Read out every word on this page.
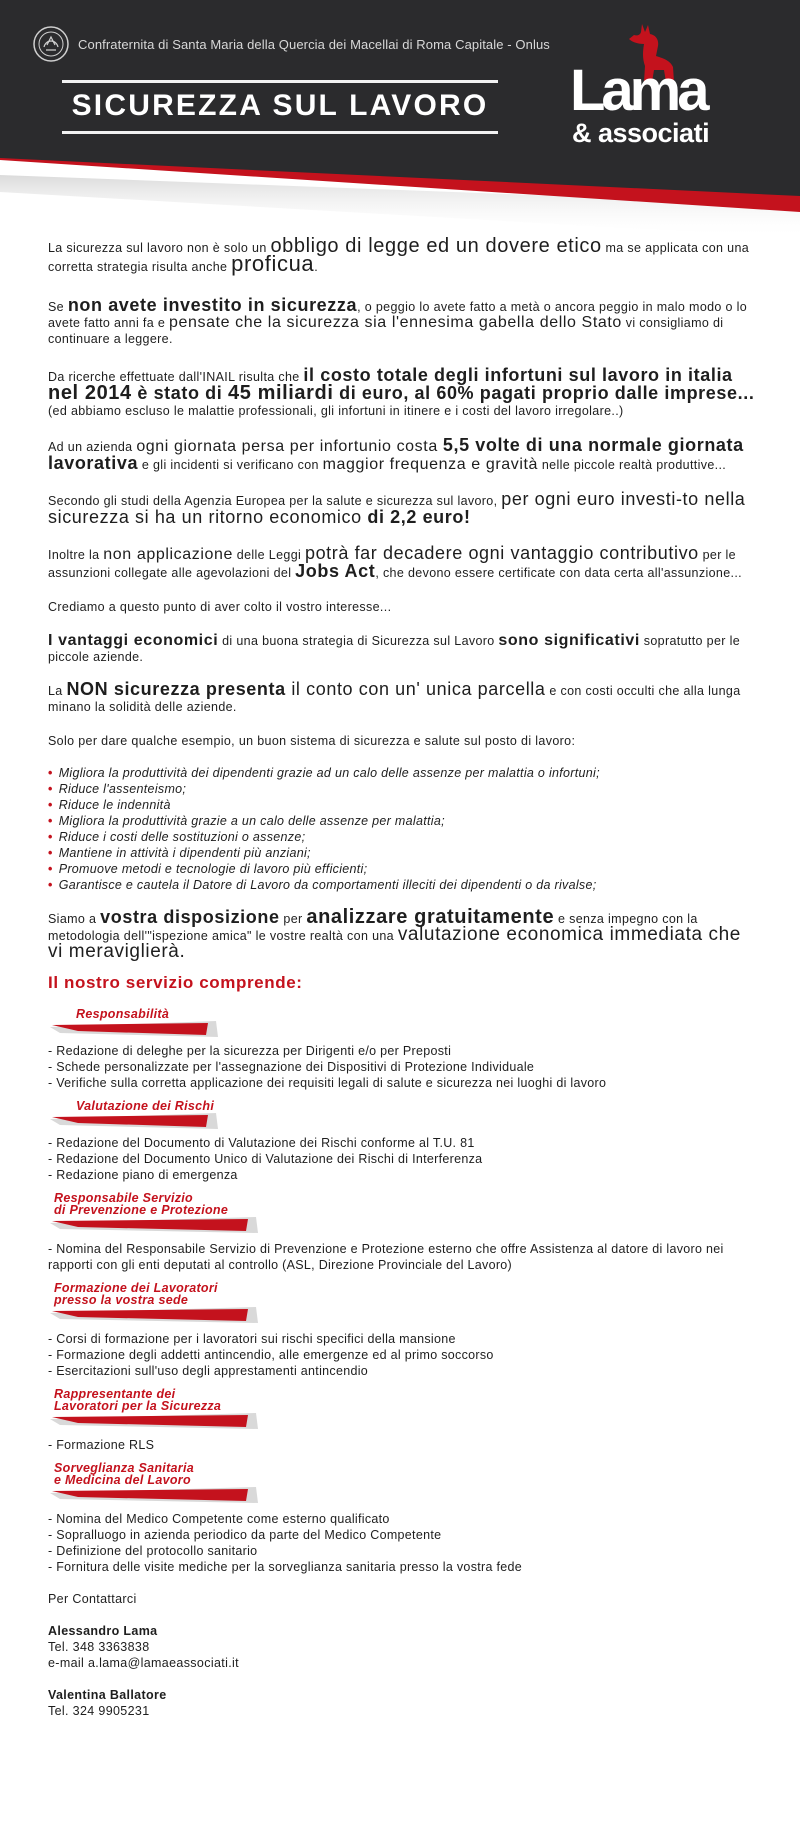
Confraternita di Santa Maria della Quercia dei Macellai di Roma Capitale - Onlus
SICUREZZA SUL LAVORO Lama
& associati

La sicurezza sul lavoro non è solo un obbligo di legge ed un dovere etico ma se applicata con una corretta strategia risulta anche proficua.

Se non avete investito in sicurezza, o peggio lo avete fatto a metà o ancora peggio in malo modo o lo avete fatto anni fa e pensate che la sicurezza sia l'ennesima gabella dello Stato vi consigliamo di continuare a leggere.

Da ricerche effettuate dall'INAIL risulta che il costo totale degli infortuni sul lavoro in italia nel 2014 è stato di 45 miliardi di euro, al 60% pagati proprio dalle imprese...(ed abbiamo escluso le malattie professionali, gli infortuni in itinere e i costi del lavoro irregolare..)

Ad un azienda ogni giornata persa per infortunio costa 5,5 volte di una normale giornata lavorativa e gli incidenti si verificano con maggior frequenza e gravità nelle piccole realtà produttive...

Secondo gli studi della Agenzia Europea per la salute e sicurezza sul lavoro, per ogni euro investi-to nella sicurezza si ha un ritorno economico di 2,2 euro!

Inoltre la non applicazione delle Leggi potrà far decadere ogni vantaggio contributivo per le assunzioni collegate alle agevolazioni del Jobs Act, che devono essere certificate con data certa all'assunzione...

Crediamo a questo punto di aver colto il vostro interesse...

I vantaggi economici di una buona strategia di Sicurezza sul Lavoro sono significativi sopratutto per le piccole aziende.

La NON sicurezza presenta il conto con un' unica parcella e con costi occulti che alla lunga minano la solidità delle aziende.

Solo per dare qualche esempio, un buon sistema di sicurezza e salute sul posto di lavoro:

• Migliora la produttività dei dipendenti grazie ad un calo delle assenze per malattia o infortuni;
• Riduce l'assenteismo;
• Riduce le indennità
• Migliora la produttività grazie a un calo delle assenze per malattia;
• Riduce i costi delle sostituzioni o assenze;
• Mantiene in attività i dipendenti più anziani;
• Promuove metodi e tecnologie di lavoro più efficienti;
• Garantisce e cautela il Datore di Lavoro da comportamenti illeciti dei dipendenti o da rivalse;

Siamo a vostra disposizione per analizzare gratuitamente e senza impegno con la metodologia dell'"ispezione amica" le vostre realtà con una valutazione economica immediata che vi meraviglierà.

Il nostro servizio comprende:
Responsabilità
- Redazione di deleghe per la sicurezza per Dirigenti e/o per Preposti
- Schede personalizzate per l'assegnazione dei Dispositivi di Protezione Individuale
- Verifiche sulla corretta applicazione dei requisiti legali di salute e sicurezza nei luoghi di lavoro
Valutazione dei Rischi
- Redazione del Documento di Valutazione dei Rischi conforme al T.U. 81
- Redazione del Documento Unico di Valutazione dei Rischi di Interferenza
- Redazione piano di emergenza
Responsabile Servizio
di Prevenzione e Protezione
- Nomina del Responsabile Servizio di Prevenzione e Protezione esterno che offre Assistenza al datore di lavoro nei rapporti con gli enti deputati al controllo (ASL, Direzione Provinciale del Lavoro)
Formazione dei Lavoratori
presso la vostra sede
- Corsi di formazione per i lavoratori sui rischi specifici della mansione
- Formazione degli addetti antincendio, alle emergenze ed al primo soccorso
- Esercitazioni sull'uso degli apprestamenti antincendio
Rappresentante dei
Lavoratori per la Sicurezza
- Formazione RLS
Sorveglianza Sanitaria
e Medicina del Lavoro
- Nomina del Medico Competente come esterno qualificato
- Sopralluogo in azienda periodico da parte del Medico Competente
- Definizione del protocollo sanitario
- Fornitura delle visite mediche per la sorveglianza sanitaria presso la vostra fede

Per Contattarci

Alessandro Lama

Tel. 348 3363838

e-mail a.lama@lamaeassociati.it

Valentina Ballatore

Tel. 324 9905231
